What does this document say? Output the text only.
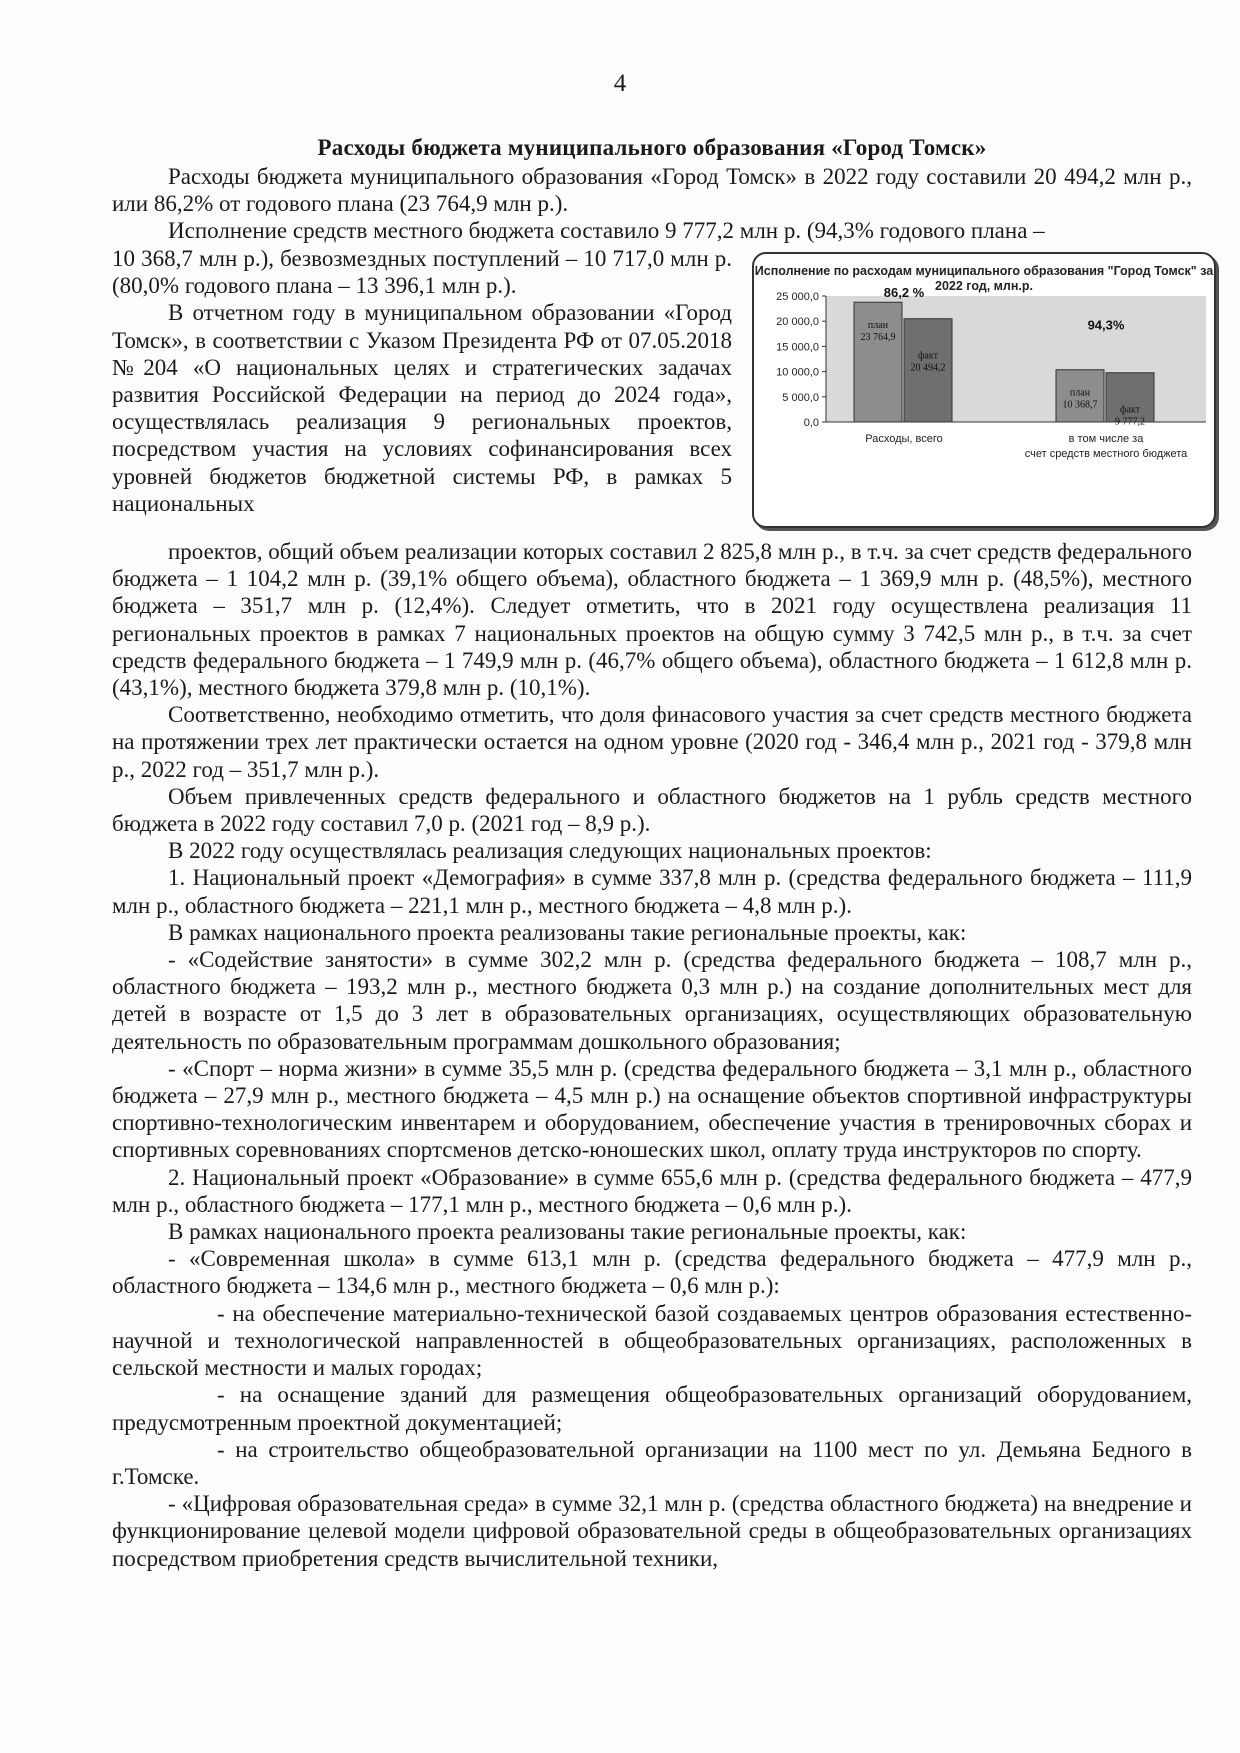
4
Расходы бюджета муниципального образования «Город Томск»

Расходы бюджета муниципального образования «Город Томск» в 2022 году составили 20 494,2 млн р., или 86,2% от годового плана (23 764,9 млн р.).

Исполнение средств местного бюджета составило 9 777,2 млн р. (94,3% годового плана –

10 368,7 млн р.), безвозмездных поступлений – 10 717,0 млн р. (80,0% годового плана – 13 396,1 млн р.).

В отчетном году в муниципальном образовании «Город Томск», в соответствии с Указом Президента РФ от 07.05.2018 №204 «О национальных целях и стратегических задачах развития Российской Федерации на период до 2024 года», осуществлялась реализация 9 региональных проектов, посредством участия на условиях софинансирования всех уровней бюджетов бюджетной системы РФ, в рамках 5 национальных

0,0
5 000,0
10 000,0
15 000,0
20 000,0
25 000,0
план
23 764,9
факт
20 494,2
86,2 %
план
10 368,7 факт
9 777,2
94,3%
Расходы, всего	в том числе за счет средств местного бюджета
Исполнение по расходам муниципального образования "Город Томск" за 2022 год, млн.р.

проектов, общий объем реализации которых составил 2 825,8 млн р., в т.ч. за счет средств федерального бюджета – 1 104,2 млн р. (39,1% общего объема), областного бюджета – 1 369,9 млн р. (48,5%), местного бюджета – 351,7 млн р. (12,4%). Следует отметить, что в 2021 году осуществлена реализация 11 региональных проектов в рамках 7 национальных проектов на общую сумму 3 742,5 млн р., в т.ч. за счет средств федерального бюджета – 1 749,9 млн р. (46,7% общего объема), областного бюджета – 1 612,8 млн р. (43,1%), местного бюджета 379,8 млн р. (10,1%).

Соответственно, необходимо отметить, что доля финасового участия за счет средств местного бюджета на протяжении трех лет практически остается на одном уровне (2020 год - 346,4 млн р., 2021 год - 379,8 млн р., 2022 год – 351,7 млн р.).

Объем привлеченных средств федерального и областного бюджетов на 1 рубль средств местного бюджета в 2022 году составил 7,0 р. (2021 год – 8,9 р.).

В 2022 году осуществлялась реализация следующих национальных проектов:

1. Национальный проект «Демография» в сумме 337,8 млн р. (средства федерального бюджета – 111,9 млн р., областного бюджета – 221,1 млн р., местного бюджета – 4,8 млн р.).

В рамках национального проекта реализованы такие региональные проекты, как:

- «Содействие занятости» в сумме 302,2 млн р. (средства федерального бюджета – 108,7 млн р., областного бюджета – 193,2 млн р., местного бюджета 0,3 млн р.) на создание дополнительных мест для детей в возрасте от 1,5 до 3 лет в образовательных организациях, осуществляющих образовательную деятельность по образовательным программам дошкольного образования;

- «Спорт – норма жизни» в сумме 35,5 млн р. (средства федерального бюджета – 3,1 млн р., областного бюджета – 27,9 млн р., местного бюджета – 4,5 млн р.) на оснащение объектов спортивной инфраструктуры спортивно-технологическим инвентарем и оборудованием, обеспечение участия в тренировочных сборах и спортивных соревнованиях спортсменов детско-юношеских школ, оплату труда инструкторов по спорту.

2. Национальный проект «Образование» в сумме 655,6 млн р. (средства федерального бюджета – 477,9 млн р., областного бюджета – 177,1 млн р., местного бюджета – 0,6 млн р.).

В рамках национального проекта реализованы такие региональные проекты, как:

- «Современная школа» в сумме 613,1 млн р. (средства федерального бюджета – 477,9 млн р., областного бюджета – 134,6 млн р., местного бюджета – 0,6 млн р.):

- на обеспечение материально-технической базой создаваемых центров образования естественно-научной и технологической направленностей в общеобразовательных организациях, расположенных в сельской местности и малых городах;

- на оснащение зданий для размещения общеобразовательных организаций оборудованием, предусмотренным проектной документацией;

- на строительство общеобразовательной организации на 1100 мест по ул. Демьяна Бедного в г.Томске.

- «Цифровая образовательная среда» в сумме 32,1 млн р. (средства областного бюджета) на внедрение и функционирование целевой модели цифровой образовательной среды в общеобразовательных организациях посредством приобретения средств вычислительной техники,
